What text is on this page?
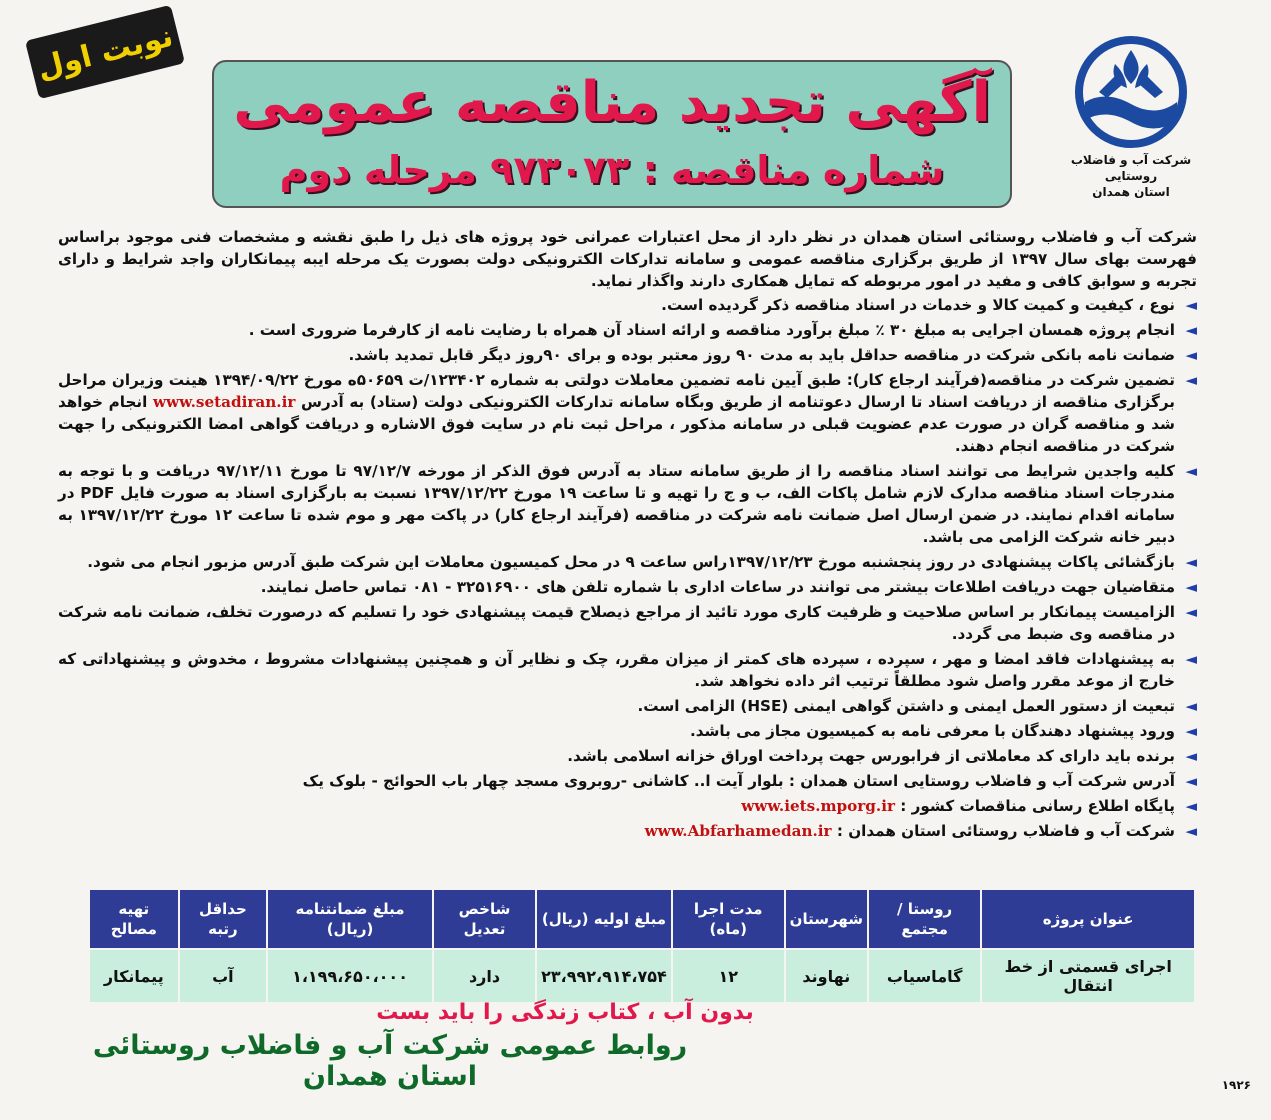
نوبت اول
شرکت آب و فاضلاب روستایی
استان همدان
آگهی تجدید مناقصه عمومی
شماره مناقصه : ۹۷۳۰۷۳ مرحله دوم

شرکت آب و فاضلاب روستائی استان همدان در نظر دارد از محل اعتبارات عمرانی خود پروژه های ذیل را طبق نقشه و مشخصات فنی موجود براساس فهرست بهای سال ۱۳۹۷ از طریق برگزاری مناقصه عمومی و سامانه تدارکات الکترونیکی دولت بصورت یک مرحله ایبه پیمانکاران واجد شرایط و دارای تجربه و سوابق کافی و مفید در امور مربوطه که تمایل همکاری دارند واگذار نماید.

◄
نوع ، کیفیت و کمیت کالا و خدمات در اسناد مناقصه ذکر گردیده است.
◄
انجام پروژه همسان اجرایی به مبلغ ۳۰ ٪ مبلغ برآورد مناقصه و ارائه اسناد آن همراه با رضایت نامه از کارفرما ضروری است .
◄
ضمانت نامه بانکی شرکت در مناقصه حداقل باید به مدت ۹۰ روز معتبر بوده و برای ۹۰روز دیگر قابل تمدید باشد.
◄
تضمین شرکت در مناقصه(فرآیند ارجاع کار): طبق آیین نامه تضمین معاملات دولتی به شماره ۱۲۳۴۰۲/ت ۵۰۶۵۹ه مورخ ۱۳۹۴/۰۹/۲۲ هینت وزیران مراحل برگزاری مناقصه از دریافت اسناد تا ارسال دعوتنامه از طریق وبگاه سامانه تدارکات الکترونیکی دولت (ستاد) به آدرس www.setadiran.ir انجام خواهد شد و مناقصه گران در صورت عدم عضویت قبلی در سامانه مذکور ، مراحل ثبت نام در سایت فوق الاشاره و دریافت گواهی امضا الکترونیکی را جهت شرکت در مناقصه انجام دهند.
◄
کلیه واجدین شرایط می توانند اسناد مناقصه را از طریق سامانه ستاد به آدرس فوق الذکر از مورخه ۹۷/۱۲/۷ تا مورخ ۹۷/۱۲/۱۱ دریافت و با توجه به مندرجات اسناد مناقصه مدارک لازم شامل پاکات الف، ب و ج را تهیه و تا ساعت ۱۹ مورخ ۱۳۹۷/۱۲/۲۲ نسبت به بارگزاری اسناد به صورت فایل PDF در سامانه اقدام نمایند. در ضمن ارسال اصل ضمانت نامه شرکت در مناقصه (فرآیند ارجاع کار) در پاکت مهر و موم شده تا ساعت ۱۲ مورخ ۱۳۹۷/۱۲/۲۲ به دبیر خانه شرکت الزامی می باشد.
◄
بازگشائی پاکات پیشنهادی در روز پنجشنبه مورخ ۱۳۹۷/۱۲/۲۳راس ساعت ۹ در محل کمیسیون معاملات این شرکت طبق آدرس مزبور انجام می شود.
◄
متقاضیان جهت دریافت اطلاعات بیشتر می توانند در ساعات اداری با شماره تلفن های ۳۲۵۱۶۹۰۰ - ۰۸۱ تماس حاصل نمایند.
◄
الزامیست پیمانکار بر اساس صلاحیت و ظرفیت کاری مورد تائید از مراجع ذیصلاح قیمت پیشنهادی خود را تسلیم که درصورت تخلف، ضمانت نامه شرکت در مناقصه وی ضبط می گردد.
◄
به پیشنهادات فاقد امضا و مهر ، سپرده ، سپرده های کمتر از میزان مقرر، چک و نظایر آن و همچنین پیشنهادات مشروط ، مخدوش و پیشنهاداتی که خارج از موعد مقرر واصل شود مطلقاً ترتیب اثر داده نخواهد شد.
◄
تبعیت از دستور العمل ایمنی و داشتن گواهی ایمنی (HSE) الزامی است.
◄
ورود پیشنهاد دهندگان با معرفی نامه به کمیسیون مجاز می باشد.
◄
برنده باید دارای کد معاملاتی از فرابورس جهت پرداخت اوراق خزانه اسلامی باشد.
◄
آدرس شرکت آب و فاضلاب روستایی استان همدان : بلوار آیت ا.. کاشانی -روبروی مسجد چهار باب الحوائج - بلوک یک
◄
پایگاه اطلاع رسانی مناقصات کشور : www.iets.mporg.ir
◄
شرکت آب و فاضلاب روستائی استان همدان : www.Abfarhamedan.ir
عنوان پروژه	روستا / مجتمع	شهرستان	مدت اجرا (ماه)	مبلغ اولیه (ریال)	شاخص تعدیل	مبلغ ضمانتنامه (ریال)	حداقل رتبه	تهیه مصالح
اجرای قسمتی از خط انتقال	گاماسیاب	نهاوند	۱۲	۲۳،۹۹۲،۹۱۴،۷۵۴	دارد	۱،۱۹۹،۶۵۰،۰۰۰	آب	پیمانکار
بدون آب ، کتاب زندگی را باید بست
روابط عمومی شرکت آب و فاضلاب روستائی استان همدان	۱۹۲۶
